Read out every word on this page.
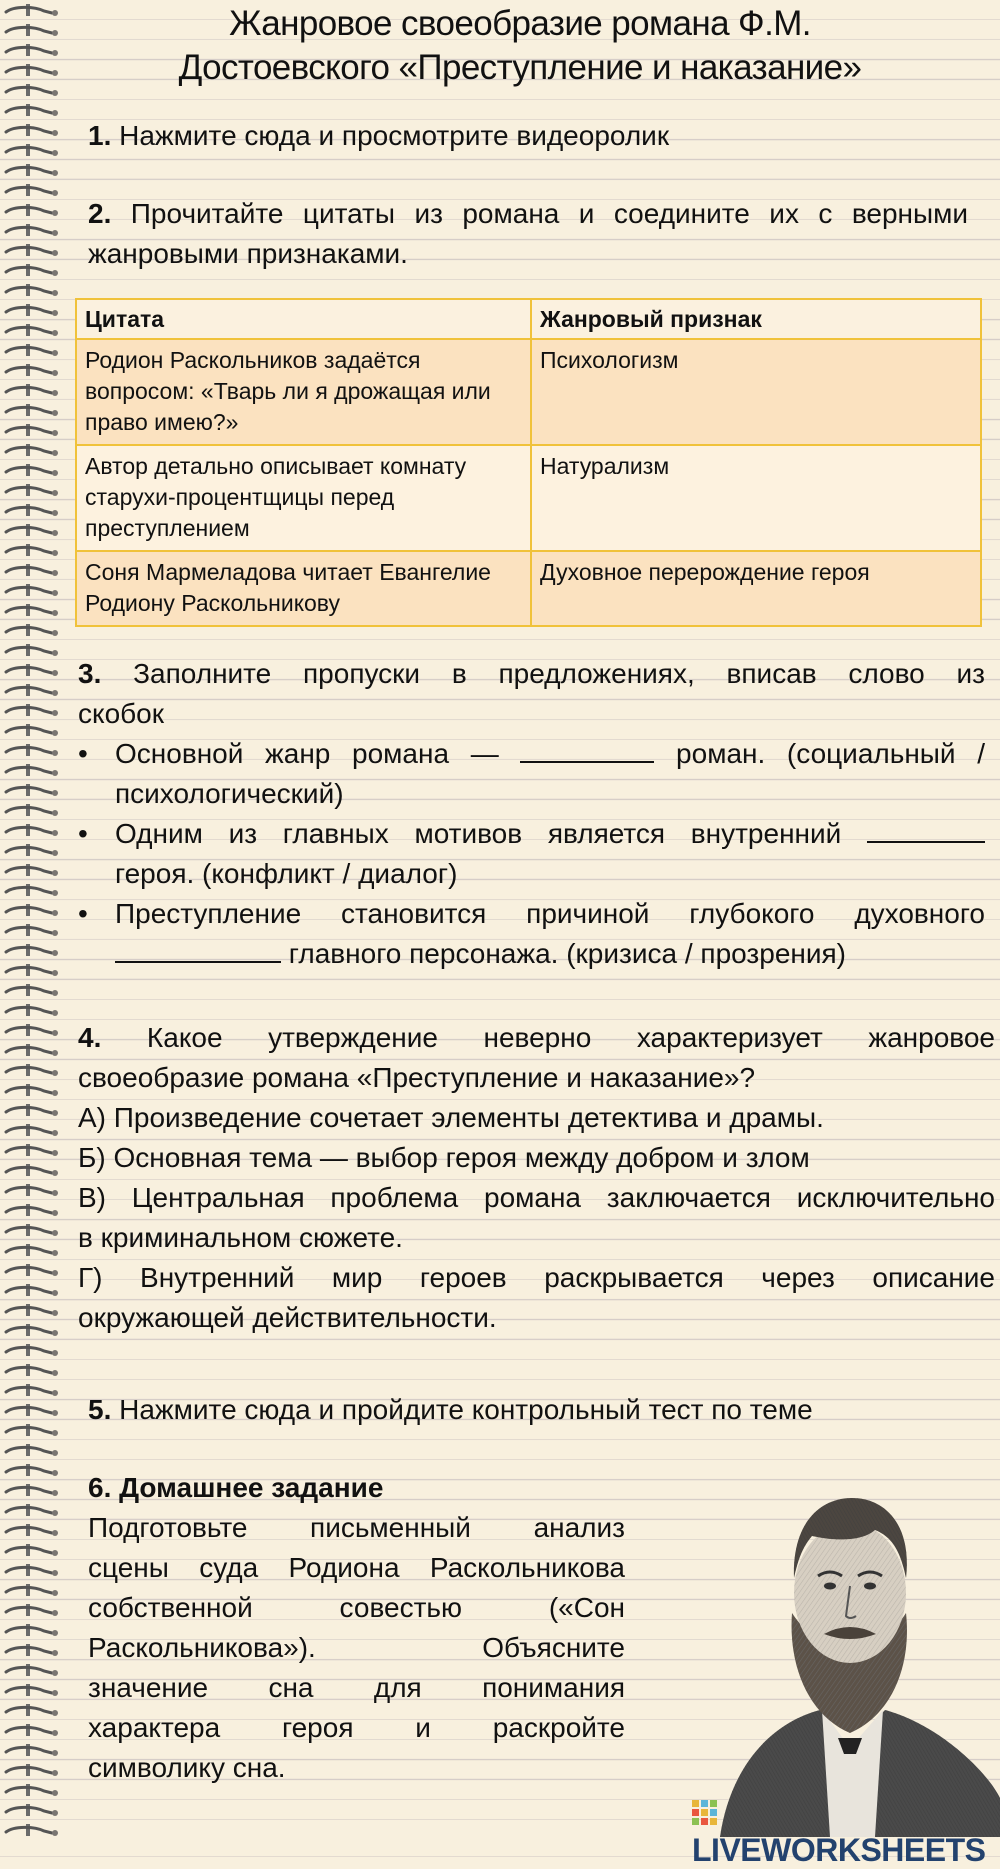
Жанровое своеобразие романа Ф.М.
Достоевского «Преступление и наказание»
1. Нажмите сюда и просмотрите видеоролик
2. Прочитайте цитаты из романа и соедините их с верными
жанровыми признаками.
Цитата	Жанровый признак
Родион Раскольников задаётся вопросом: «Тварь ли я дрожащая или право имею?»	Психологизм
Автор детально описывает комнату старухи-процентщицы перед преступлением	Натурализм
Соня Мармеладова читает Евангелие Родиону Раскольникову	Духовное перерождение героя
3. Заполните пропуски в предложениях, вписав слово из
скобок
• Основной жанр романа —	роман. (социальный /
психологический)
• Одним из главных мотивов является внутренний
героя. (конфликт / диалог)
• Преступление становится причиной глубокого духовного
главного персонажа. (кризиса / прозрения)
4. Какое утверждение неверно характеризует жанровое
своеобразие романа «Преступление и наказание»?
А) Произведение сочетает элементы детектива и драмы.
Б) Основная тема — выбор героя между добром и злом
В) Центральная проблема романа заключается исключительно
в криминальном сюжете.
Г) Внутренний мир героев раскрывается через описание
окружающей действительности.
5. Нажмите сюда и пройдите контрольный тест по теме
6. Домашнее задание
Подготовьте письменный анализ
сцены суда Родиона Раскольникова
собственной совестью («Сон
Раскольникова»). Объясните
значение сна для понимания
характера героя и раскройте
символику сна.
LIVEWORKSHEETS
